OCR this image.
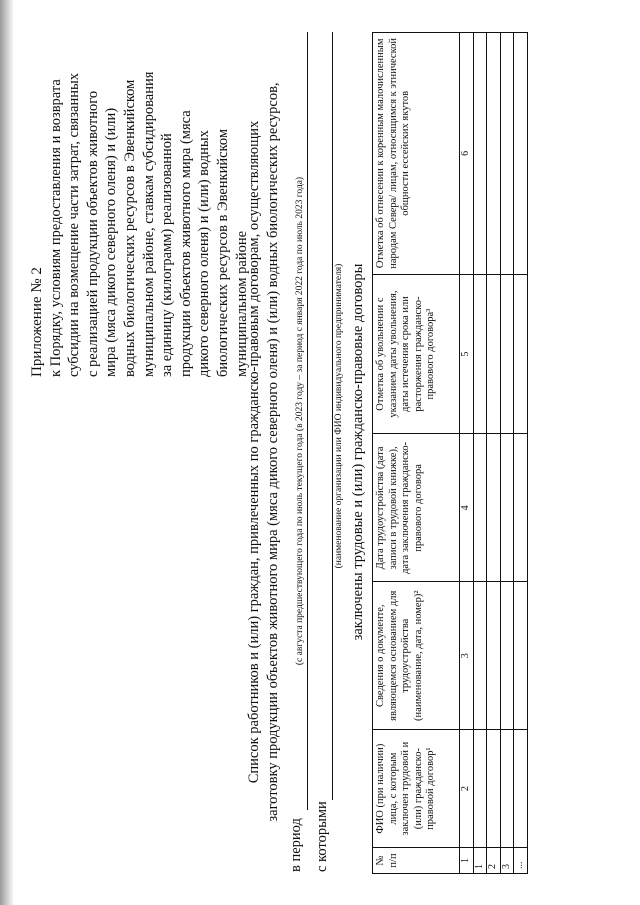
Приложение № 2 к Порядку, условиям предоставления и возврата субсидии на возмещение части затрат, связанных с реализацией продукции объектов животного мира (мяса дикого северного оленя) и (или) водных биологических ресурсов в Эвенкийском муниципальном районе, ставкам субсидирования за единицу (килограмм) реализованной продукции объектов животного мира (мяса дикого северного оленя) и (или) водных биологических ресурсов в Эвенкийском муниципальном районе
Список работников и (или) граждан, привлеченных по гражданско-правовым договорам, осуществляющих заготовку продукции объектов животного мира (мяса дикого северного оленя) и (или) водных биологических ресурсов,
в период
(с августа предшествующего года по июль текущего года (в 2023 году – за период с января 2022 года по июль 2023 года)
с которыми
(наименование организации или ФИО индивидуального предпринимателя) заключены трудовые и (или) гражданско-правовые договоры
№ п/п	ФИО (при наличии) лица, с которым заключен трудовой и (или) гражданско-правовой договор¹	Сведения о документе, являющемся основанием для трудоустройства (наименование, дата, номер)²	Дата трудоустройства (дата записи в трудовой книжке), дата заключения гражданско-правового договора	Отметка об увольнении с указанием даты увольнения, даты истечения срока или расторжения гражданско-правового договора³	Отметка об отнесении к коренным малочисленным народам Севера/ лицам, относящимся к этнической общности ессейских якутов
1	2	3	4	5	6
1					
2					
3					
...					
